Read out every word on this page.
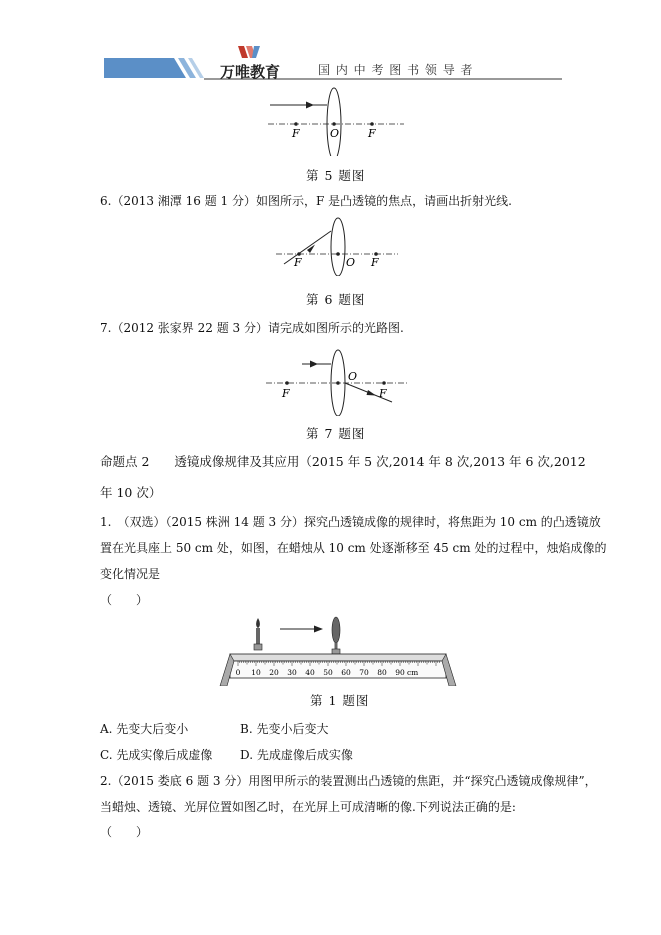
万唯教育	国 内 中 考 图 书 领 导 者
F	O	F
第 5 题图
6.（2013 湘潭 16 题 1 分）如图所示，F 是凸透镜的焦点，请画出折射光线.
F	O F
第 6 题图
7.（2012 张家界 22 题 3 分）请完成如图所示的光路图.
F
O
F
第 7 题图
命题点 2　　透镜成像规律及其应用（2015 年 5 次,2014 年 8 次,2013 年 6 次,2012
年 10 次）
1.　（双选）（2015 株洲 14 题 3 分）探究凸透镜成像的规律时，将焦距为 10 cm 的凸透镜放
置在光具座上 50 cm 处，如图，在蜡烛从 10 cm 处逐渐移至 45 cm 处的过程中，烛焰成像的
变化情况是
（　　）
0 10 20 30 40 50 60 70 80 90 cm
第 1 题图
A. 先变大后变小	B. 先变小后变大
C. 先成实像后成虚像 D. 先成虚像后成实像
2.（2015 娄底 6 题 3 分）用图甲所示的装置测出凸透镜的焦距，并“探究凸透镜成像规律”，
当蜡烛、透镜、光屏位置如图乙时，在光屏上可成清晰的像.下列说法正确的是:
（　　）
